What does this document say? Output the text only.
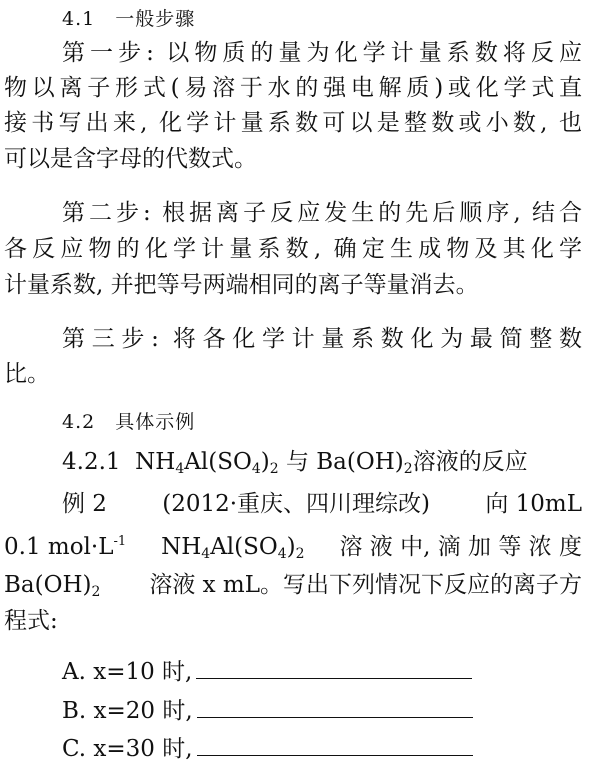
4.1　一般步骤
第一步: 以物质的量为化学计量系数将反应
物以离子形式(易溶于水的强电解质)或化学式直
接书写出来, 化学计量系数可以是整数或小数, 也
可以是含字母的代数式。
第二步: 根据离子反应发生的先后顺序, 结合
各反应物的化学计量系数, 确定生成物及其化学
计量系数, 并把等号两端相同的离子等量消去。
第三步: 将各化学计量系数化为最简整数
比。
4.2　具体示例
4.2.1 $NH_4Al(SO_4)_2$ 与 $Ba(OH)_2$溶液的反应
例 2 (2012·重庆、四川理综改) 向 10mL
0.1 $mol\cdot L^{-1}$ $NH_4Al(SO_4)_2$ 溶 液 中, 滴 加 等 浓 度
$Ba(OH)_2$ 溶液 x mL。写出下列情况下反应的离子方
程式:
A. x=10 时,
B. x=20 时,
C. x=30 时,
